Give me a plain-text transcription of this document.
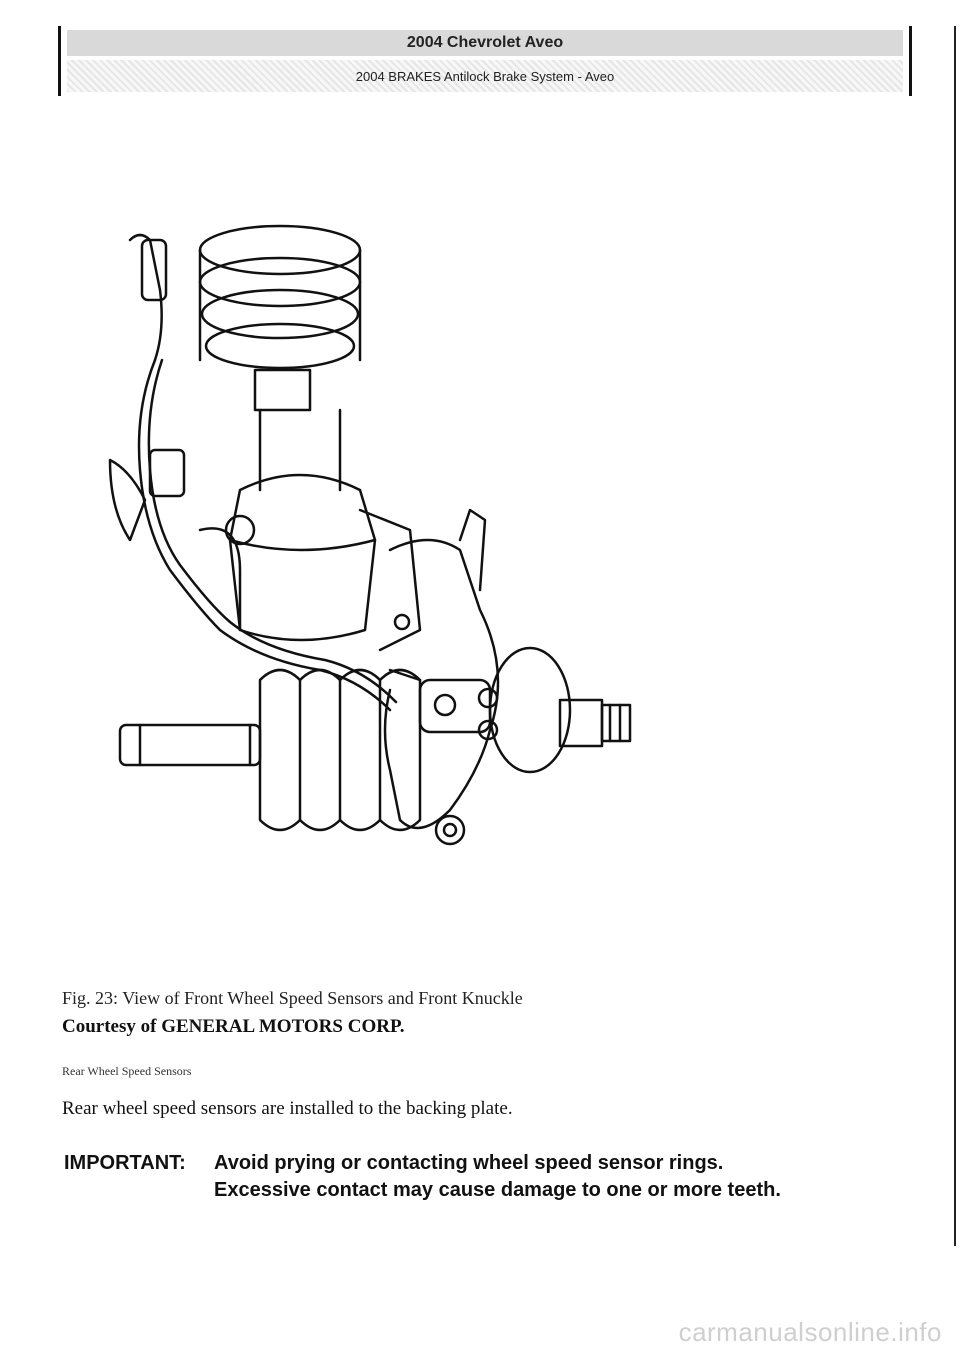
2004 Chevrolet Aveo
2004 BRAKES Antilock Brake System - Aveo
Fig. 23: View of Front Wheel Speed Sensors and Front Knuckle
Courtesy of GENERAL MOTORS CORP.
Rear Wheel Speed Sensors
Rear wheel speed sensors are installed to the backing plate.
IMPORTANT:	Avoid prying or contacting wheel speed sensor rings.
Excessive contact may cause damage to one or more teeth.
carmanualsonline.info
